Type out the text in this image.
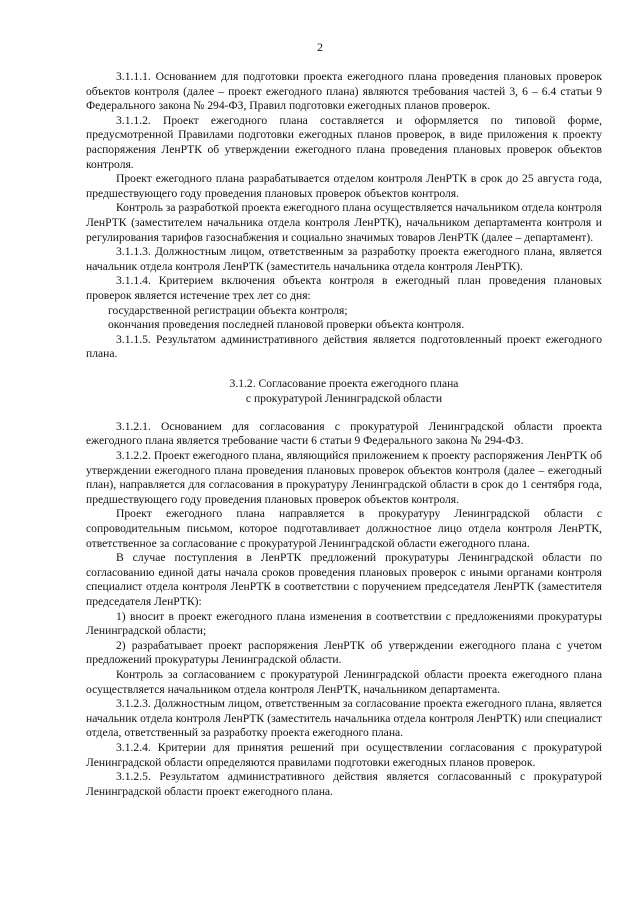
2

3.1.1.1. Основанием для подготовки проекта ежегодного плана проведения плановых проверок объектов контроля (далее – проект ежегодного плана) являются требования частей 3, 6 – 6.4 статьи 9 Федерального закона № 294-ФЗ, Правил подготовки ежегодных планов проверок.

3.1.1.2. Проект ежегодного плана составляется и оформляется по типовой форме, предусмотренной Правилами подготовки ежегодных планов проверок, в виде приложения к проекту распоряжения ЛенРТК об утверждении ежегодного плана проведения плановых проверок объектов контроля.

Проект ежегодного плана разрабатывается отделом контроля ЛенРТК в срок до 25 августа года, предшествующего году проведения плановых проверок объектов контроля.

Контроль за разработкой проекта ежегодного плана осуществляется начальником отдела контроля ЛенРТК (заместителем начальника отдела контроля ЛенРТК), начальником департамента контроля и регулирования тарифов газоснабжения и социально значимых товаров ЛенРТК (далее – департамент).

3.1.1.3. Должностным лицом, ответственным за разработку проекта ежегодного плана, является начальник отдела контроля ЛенРТК (заместитель начальника отдела контроля ЛенРТК).

3.1.1.4. Критерием включения объекта контроля в ежегодный план проведения плановых проверок является истечение трех лет со дня:

государственной регистрации объекта контроля;

окончания проведения последней плановой проверки объекта контроля.

3.1.1.5. Результатом административного действия является подготовленный проект ежегодного плана.

3.1.2. Согласование проекта ежегодного плана
с прокуратурой Ленинградской области

3.1.2.1. Основанием для согласования с прокуратурой Ленинградской области проекта ежегодного плана является требование части 6 статьи 9 Федерального закона № 294-ФЗ.

3.1.2.2. Проект ежегодного плана, являющийся приложением к проекту распоряжения ЛенРТК об утверждении ежегодного плана проведения плановых проверок объектов контроля (далее – ежегодный план), направляется для согласования в прокуратуру Ленинградской области в срок до 1 сентября года, предшествующего году проведения плановых проверок объектов контроля.

Проект ежегодного плана направляется в прокуратуру Ленинградской области с сопроводительным письмом, которое подготавливает должностное лицо отдела контроля ЛенРТК, ответственное за согласование с прокуратурой Ленинградской области ежегодного плана.

В случае поступления в ЛенРТК предложений прокуратуры Ленинградской области по согласованию единой даты начала сроков проведения плановых проверок с иными органами контроля специалист отдела контроля ЛенРТК в соответствии с поручением председателя ЛенРТК (заместителя председателя ЛенРТК):

1) вносит в проект ежегодного плана изменения в соответствии с предложениями прокуратуры Ленинградской области;

2) разрабатывает проект распоряжения ЛенРТК об утверждении ежегодного плана с учетом предложений прокуратуры Ленинградской области.

Контроль за согласованием с прокуратурой Ленинградской области проекта ежегодного плана осуществляется начальником отдела контроля ЛенРТК, начальником департамента.

3.1.2.3. Должностным лицом, ответственным за согласование проекта ежегодного плана, является начальник отдела контроля ЛенРТК (заместитель начальника отдела контроля ЛенРТК) или специалист отдела, ответственный за разработку проекта ежегодного плана.

3.1.2.4. Критерии для принятия решений при осуществлении согласования с прокуратурой Ленинградской области определяются правилами подготовки ежегодных планов проверок.

3.1.2.5. Результатом административного действия является согласованный с прокуратурой Ленинградской области проект ежегодного плана.
